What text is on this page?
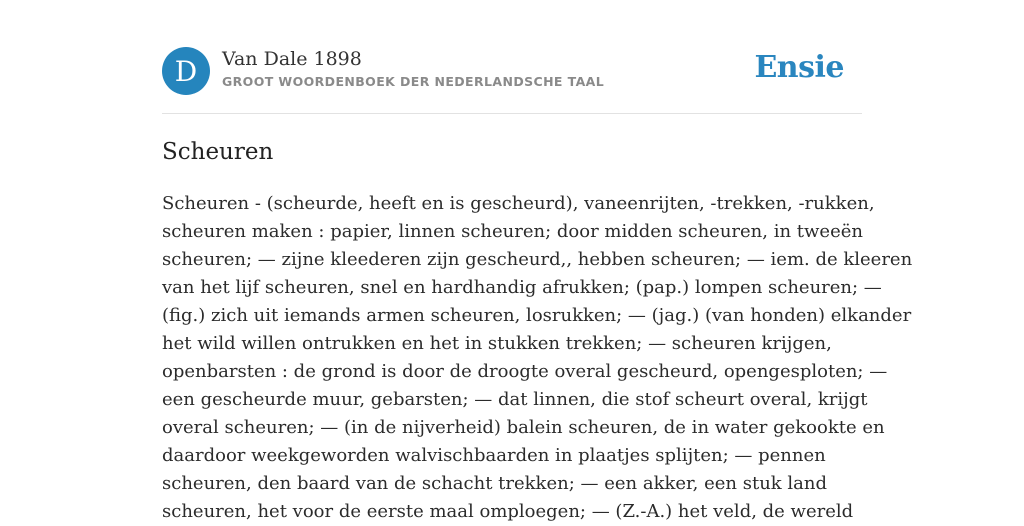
D	Van Dale 1898
GROOT WOORDENBOEK DER NEDERLANDSCHE TAAL	Ensie
Scheuren
Scheuren - (scheurde, heeft en is gescheurd), vaneenrijten, -trekken, -rukken,
scheuren maken : papier, linnen scheuren; door midden scheuren, in tweeën
scheuren; — zijne kleederen zijn gescheurd,, hebben scheuren; — iem. de kleeren
van het lijf scheuren, snel en hardhandig afrukken; (pap.) lompen scheuren; —
(fig.) zich uit iemands armen scheuren, losrukken; — (jag.) (van honden) elkander
het wild willen ontrukken en het in stukken trekken; — scheuren krijgen,
openbarsten : de grond is door de droogte overal gescheurd, opengesploten; —
een gescheurde muur, gebarsten; — dat linnen, die stof scheurt overal, krijgt
overal scheuren; — (in de nijverheid) balein scheuren, de in water gekookte en
daardoor weekgeworden walvischbaarden in plaatjes splijten; — pennen
scheuren, den baard van de schacht trekken; — een akker, een stuk land
scheuren, het voor de eerste maal omploegen; — (Z.-A.) het veld, de wereld
